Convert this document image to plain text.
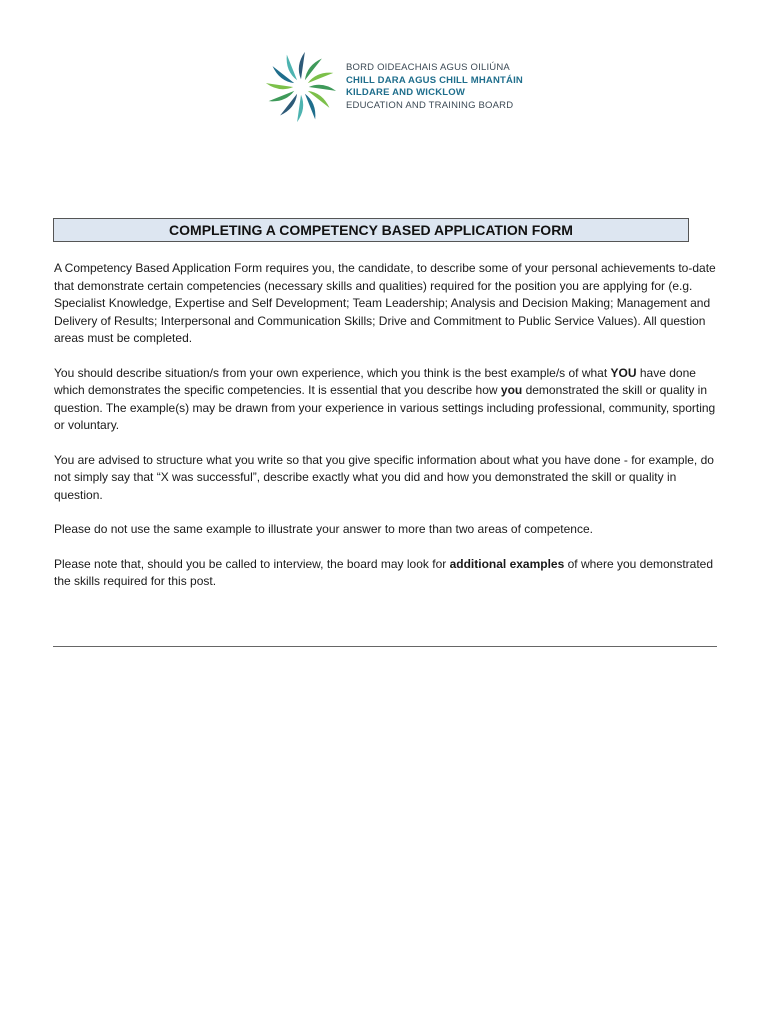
BORD OIDEACHAIS AGUS OILIÚNA
CHILL DARA AGUS CHILL MHANTÁIN
KILDARE AND WICKLOW
EDUCATION AND TRAINING BOARD
COMPLETING A COMPETENCY BASED APPLICATION FORM

A Competency Based Application Form requires you, the candidate, to describe some of your personal achievements to-date that demonstrate certain competencies (necessary skills and qualities) required for the position you are applying for (e.g. Specialist Knowledge, Expertise and Self Development; Team Leadership; Analysis and Decision Making; Management and Delivery of Results; Interpersonal and Communication Skills; Drive and Commitment to Public Service Values). All question areas must be completed.

You should describe situation/s from your own experience, which you think is the best example/s of what YOU have done which demonstrates the specific competencies. It is essential that you describe how you demonstrated the skill or quality in question. The example(s) may be drawn from your experience in various settings including professional, community, sporting or voluntary.

You are advised to structure what you write so that you give specific information about what you have done - for example, do not simply say that “X was successful”, describe exactly what you did and how you demonstrated the skill or quality in question.

Please do not use the same example to illustrate your answer to more than two areas of competence.

Please note that, should you be called to interview, the board may look for additional examples of where you demonstrated the skills required for this post.
